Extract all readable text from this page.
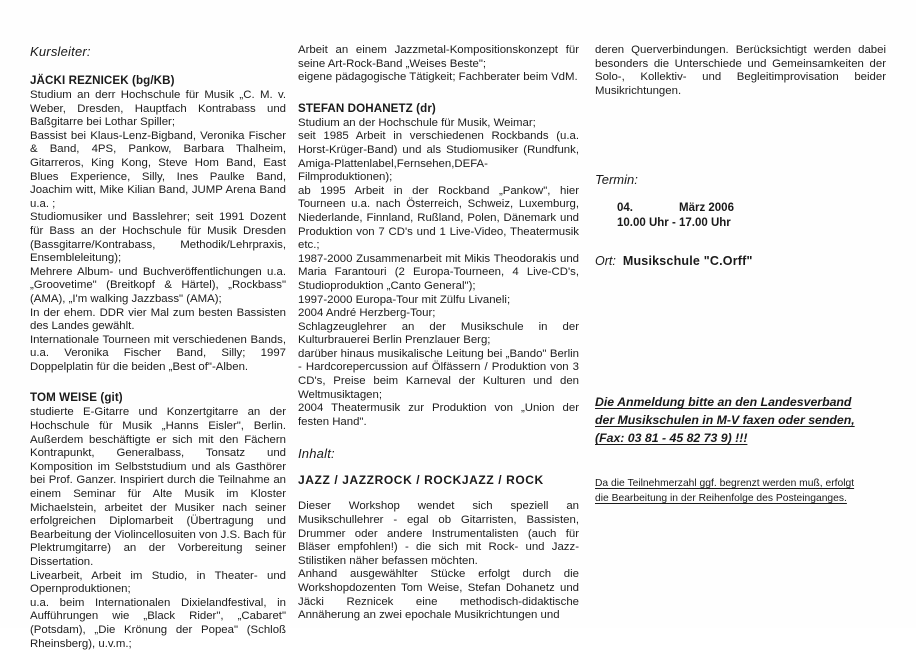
Kursleiter:
JÄCKI REZNICEK (bg/KB)
Studium an derr Hochschule für Musik „C. M. v. Weber, Dresden, Hauptfach Kontrabass und Baßgitarre bei Lothar Spiller;
Bassist bei Klaus-Lenz-Bigband, Veronika Fischer & Band, 4PS, Pankow, Barbara Thalheim, Gitarreros, King Kong, Steve Hom Band, East Blues Experience, Silly, Ines Paulke Band, Joachim witt, Mike Kilian Band, JUMP Arena Band u.a. ;
Studiomusiker und Basslehrer; seit 1991 Dozent für Bass an der Hochschule für Musik Dresden (Bassgitarre/Kontrabass, Methodik/Lehrpraxis, Ensembleleitung);
Mehrere Album- und Buchveröffentlichungen u.a. „Groovetime" (Breitkopf & Härtel), „Rockbass" (AMA), „I'm walking Jazzbass" (AMA);
In der ehem. DDR vier Mal zum besten Bassisten des Landes gewählt.
Internationale Tourneen mit verschiedenen Bands, u.a. Veronika Fischer Band, Silly; 1997 Doppelplatin für die beiden „Best of"-Alben.
TOM WEISE (git)
studierte E-Gitarre und Konzertgitarre an der Hochschule für Musik „Hanns Eisler", Berlin. Außerdem beschäftigte er sich mit den Fächern Kontrapunkt, Generalbass, Tonsatz und Komposition im Selbststudium und als Gasthörer bei Prof. Ganzer. Inspiriert durch die Teilnahme an einem Seminar für Alte Musik im Kloster Michaelstein, arbeitet der Musiker nach seiner erfolgreichen Diplomarbeit (Übertragung und Bearbeitung der Violincellosuiten von J.S. Bach für Plektrumgitarre) an der Vorbereitung seiner Dissertation.
Livearbeit, Arbeit im Studio, in Theater- und Opernproduktionen;
u.a. beim Internationalen Dixielandfestival, in Aufführungen wie „Black Rider", „Cabaret" (Potsdam), „Die Krönung der Popea" (Schloß Rheinsberg), u.v.m.;
Arbeit an einem Jazzmetal-Kompositionskonzept für seine Art-Rock-Band „Weises Beste";
eigene pädagogische Tätigkeit; Fachberater beim VdM.
STEFAN DOHANETZ (dr)
Studium an der Hochschule für Musik, Weimar;
seit 1985 Arbeit in verschiedenen Rockbands (u.a. Horst-Krüger-Band) und als Studiomusiker (Rundfunk, Amiga-Plattenlabel,Fernsehen,DEFA-Filmproduktionen);
ab 1995 Arbeit in der Rockband „Pankow", hier Tourneen u.a. nach Österreich, Schweiz, Luxemburg, Niederlande, Finnland, Rußland, Polen, Dänemark und Produktion von 7 CD's und 1 Live-Video, Theatermusik etc.;
1987-2000 Zusammenarbeit mit Mikis Theodorakis und Maria Farantouri (2 Europa-Tourneen, 4 Live-CD's, Studioproduktion „Canto General");
1997-2000 Europa-Tour mit Zülfu Livaneli;
2004 André Herzberg-Tour;
Schlagzeuglehrer an der Musikschule in der Kulturbrauerei Berlin Prenzlauer Berg;
darüber hinaus musikalische Leitung bei „Bando" Berlin - Hardcorepercussion auf Ölfässern / Produktion von 3 CD's, Preise beim Karneval der Kulturen und den Weltmusiktagen;
2004 Theatermusik zur Produktion von „Union der festen Hand".
Inhalt:
JAZZ / JAZZROCK / ROCKJAZZ / ROCK
Dieser Workshop wendet sich speziell an Musikschullehrer - egal ob Gitarristen, Bassisten, Drummer oder andere Instrumentalisten (auch für Bläser empfohlen!) - die sich mit Rock- und Jazz-Stilistiken näher befassen möchten.
Anhand ausgewählter Stücke erfolgt durch die Workshopdozenten Tom Weise, Stefan Dohanetz und Jäcki Reznicek eine methodisch-didaktische Annäherung an zwei epochale Musikrichtungen und
deren Querverbindungen. Berücksichtigt werden dabei besonders die Unterschiede und Gemeinsamkeiten der Solo-, Kollektiv- und Begleitimprovisation beider Musikrichtungen.
Termin:
04.	März 2006
10.00 Uhr - 17.00 Uhr
Ort: Musikschule "C.Orff"
Die Anmeldung bitte an den Landesverband
der Musikschulen in M-V faxen oder senden,
(Fax: 03 81 - 45 82 73 9) !!!
Da die Teilnehmerzahl ggf. begrenzt werden muß, erfolgt
die Bearbeitung in der Reihenfolge des Posteinganges.
